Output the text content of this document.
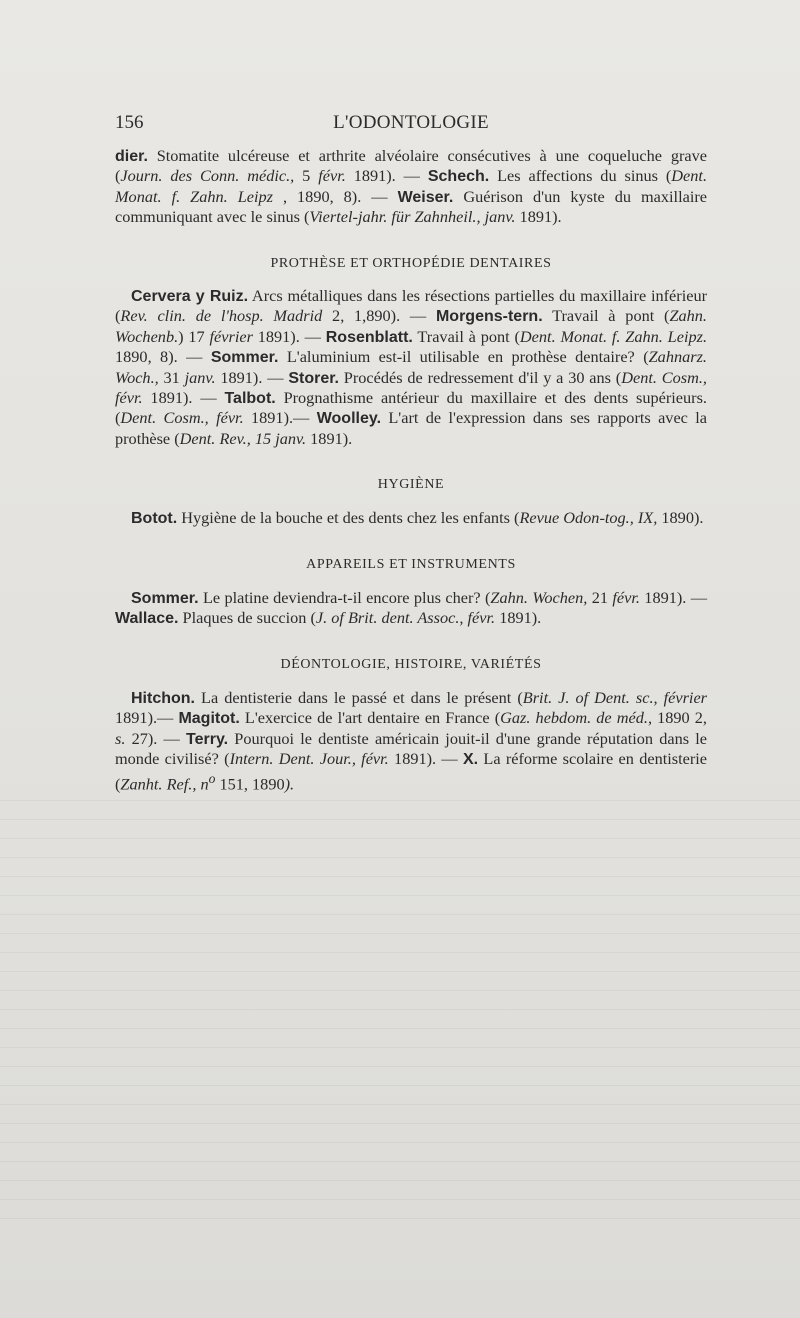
156	L'ODONTOLOGIE

dier. Stomatite ulcéreuse et arthrite alvéolaire consécutives à une coqueluche grave (Journ. des Conn. médic., 5 févr. 1891). — Schech. Les affections du sinus (Dent. Monat. f. Zahn. Leipz , 1890, 8). — Weiser. Guérison d'un kyste du maxillaire communiquant avec le sinus (Viertel-jahr. für Zahnheil., janv. 1891).

PROTHÈSE ET ORTHOPÉDIE DENTAIRES

Cervera y Ruiz. Arcs métalliques dans les résections partielles du maxillaire inférieur (Rev. clin. de l'hosp. Madrid 2, 1,890). — Morgens-tern. Travail à pont (Zahn. Wochenb.) 17 février 1891). — Rosenblatt. Travail à pont (Dent. Monat. f. Zahn. Leipz. 1890, 8). — Sommer. L'aluminium est-il utilisable en prothèse dentaire? (Zahnarz. Woch., 31 janv. 1891). — Storer. Procédés de redressement d'il y a 30 ans (Dent. Cosm., févr. 1891). — Talbot. Prognathisme antérieur du maxillaire et des dents supérieurs. (Dent. Cosm., févr. 1891).— Woolley. L'art de l'expression dans ses rapports avec la prothèse (Dent. Rev., 15 janv. 1891).

HYGIÈNE

Botot. Hygiène de la bouche et des dents chez les enfants (Revue Odon-tog., IX, 1890).

APPAREILS ET INSTRUMENTS

Sommer. Le platine deviendra-t-il encore plus cher? (Zahn. Wochen, 21 févr. 1891). — Wallace. Plaques de succion (J. of Brit. dent. Assoc., févr. 1891).

DÉONTOLOGIE, HISTOIRE, VARIÉTÉS

Hitchon. La dentisterie dans le passé et dans le présent (Brit. J. of Dent. sc., février 1891).— Magitot. L'exercice de l'art dentaire en France (Gaz. hebdom. de méd., 1890 2, s. 27). — Terry. Pourquoi le dentiste américain jouit-il d'une grande réputation dans le monde civilisé? (Intern. Dent. Jour., févr. 1891). — X. La réforme scolaire en dentisterie (Zanht. Ref., $n^o$ 151, 1890).
